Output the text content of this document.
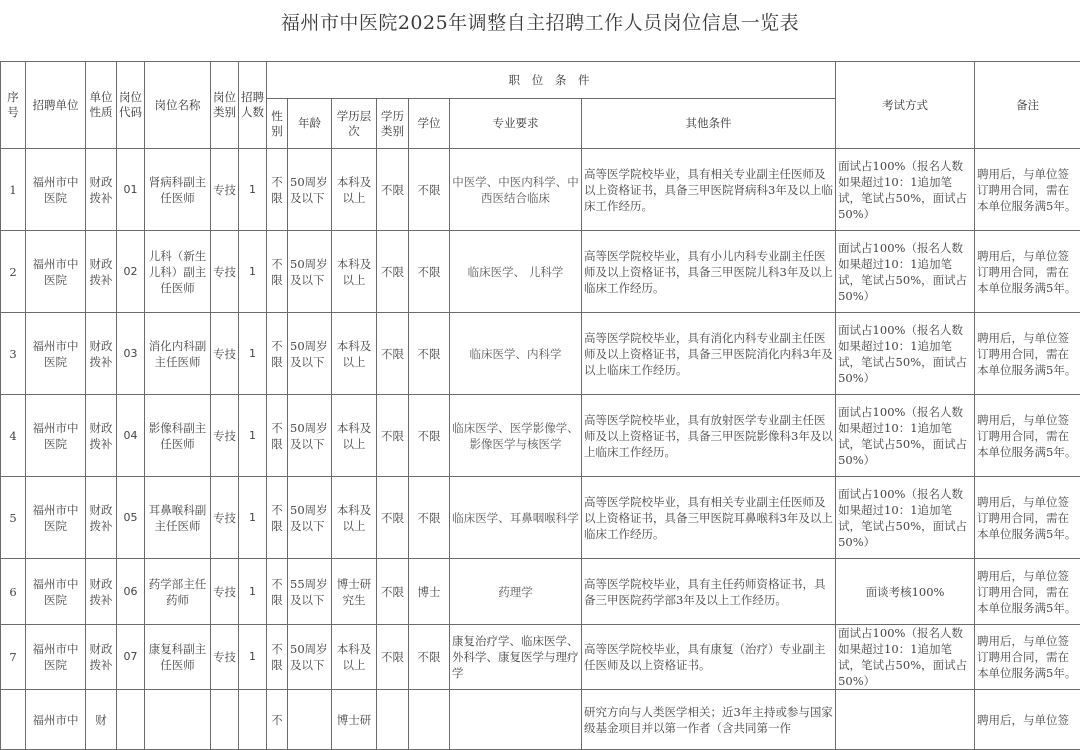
福州市中医院2025年调整自主招聘工作人员岗位信息一览表
序号	招聘单位	单位性质	岗位代码	岗位名称	岗位类别	招聘人数	职 位 条 件							考试方式	备注
							性别	年龄	学历层次	学历类别	学位	专业要求	其他条件		
1	福州市中医院	财政拨补	01	肾病科副主任医师	专技	1	不限	50周岁及以下	本科及以上	不限	不限	中医学、中医内科学、中西医结合临床	高等医学院校毕业，具有相关专业副主任医师及以上资格证书，具备三甲医院肾病科3年及以上临床工作经历。	面试占100%（报名人数如果超过10：1追加笔试，笔试占50%，面试占50%）	聘用后，与单位签订聘用合同，需在本单位服务满5年。
2	福州市中医院	财政拨补	02	儿科（新生儿科）副主任医师	专技	1	不限	50周岁及以下	本科及以上	不限	不限	临床医学、 儿科学	高等医学院校毕业，具有小儿内科专业副主任医师及以上资格证书，具备三甲医院儿科3年及以上临床工作经历。	面试占100%（报名人数如果超过10：1追加笔试，笔试占50%，面试占50%）	聘用后，与单位签订聘用合同，需在本单位服务满5年。
3	福州市中医院	财政拨补	03	消化内科副主任医师	专技	1	不限	50周岁及以下	本科及以上	不限	不限	临床医学、内科学	高等医学院校毕业，具有消化内科专业副主任医师及以上资格证书，具备三甲医院消化内科3年及以上临床工作经历。	面试占100%（报名人数如果超过10：1追加笔试，笔试占50%，面试占50%）	聘用后，与单位签订聘用合同，需在本单位服务满5年。
4	福州市中医院	财政拨补	04	影像科副主任医师	专技	1	不限	50周岁及以下	本科及以上	不限	不限	临床医学、医学影像学、影像医学与核医学	高等医学院校毕业，具有放射医学专业副主任医师及以上资格证书，具备三甲医院影像科3年及以上临床工作经历。	面试占100%（报名人数如果超过10：1追加笔试，笔试占50%，面试占50%）	聘用后，与单位签订聘用合同，需在本单位服务满5年。
5	福州市中医院	财政拨补	05	耳鼻喉科副主任医师	专技	1	不限	50周岁及以下	本科及以上	不限	不限	临床医学、耳鼻咽喉科学	高等医学院校毕业，具有相关专业副主任医师及以上资格证书，具备三甲医院耳鼻喉科3年及以上临床工作经历。	面试占100%（报名人数如果超过10：1追加笔试，笔试占50%，面试占50%）	聘用后，与单位签订聘用合同，需在本单位服务满5年。
6	福州市中医院	财政拨补	06	药学部主任药师	专技	1	不限	55周岁及以下	博士研究生	不限	博士	药理学	高等医学院校毕业，具有主任药师资格证书，具备三甲医院药学部3年及以上工作经历。	面谈考核100%	聘用后，与单位签订聘用合同，需在本单位服务满5年。
7	福州市中医院	财政拨补	07	康复科副主任医师	专技	1	不限	50周岁及以下	本科及以上	不限	不限	康复治疗学、临床医学、外科学、康复医学与理疗学	高等医学院校毕业，具有康复（治疗）专业副主任医师及以上资格证书。	面试占100%（报名人数如果超过10：1追加笔试，笔试占50%，面试占50%）	聘用后，与单位签订聘用合同，需在本单位服务满5年。
	福州市中	财					不		博士研				研究方向与人类医学相关；近3年主持或参与国家级基金项目并以第一作者（含共同第一作		聘用后，与单位签
